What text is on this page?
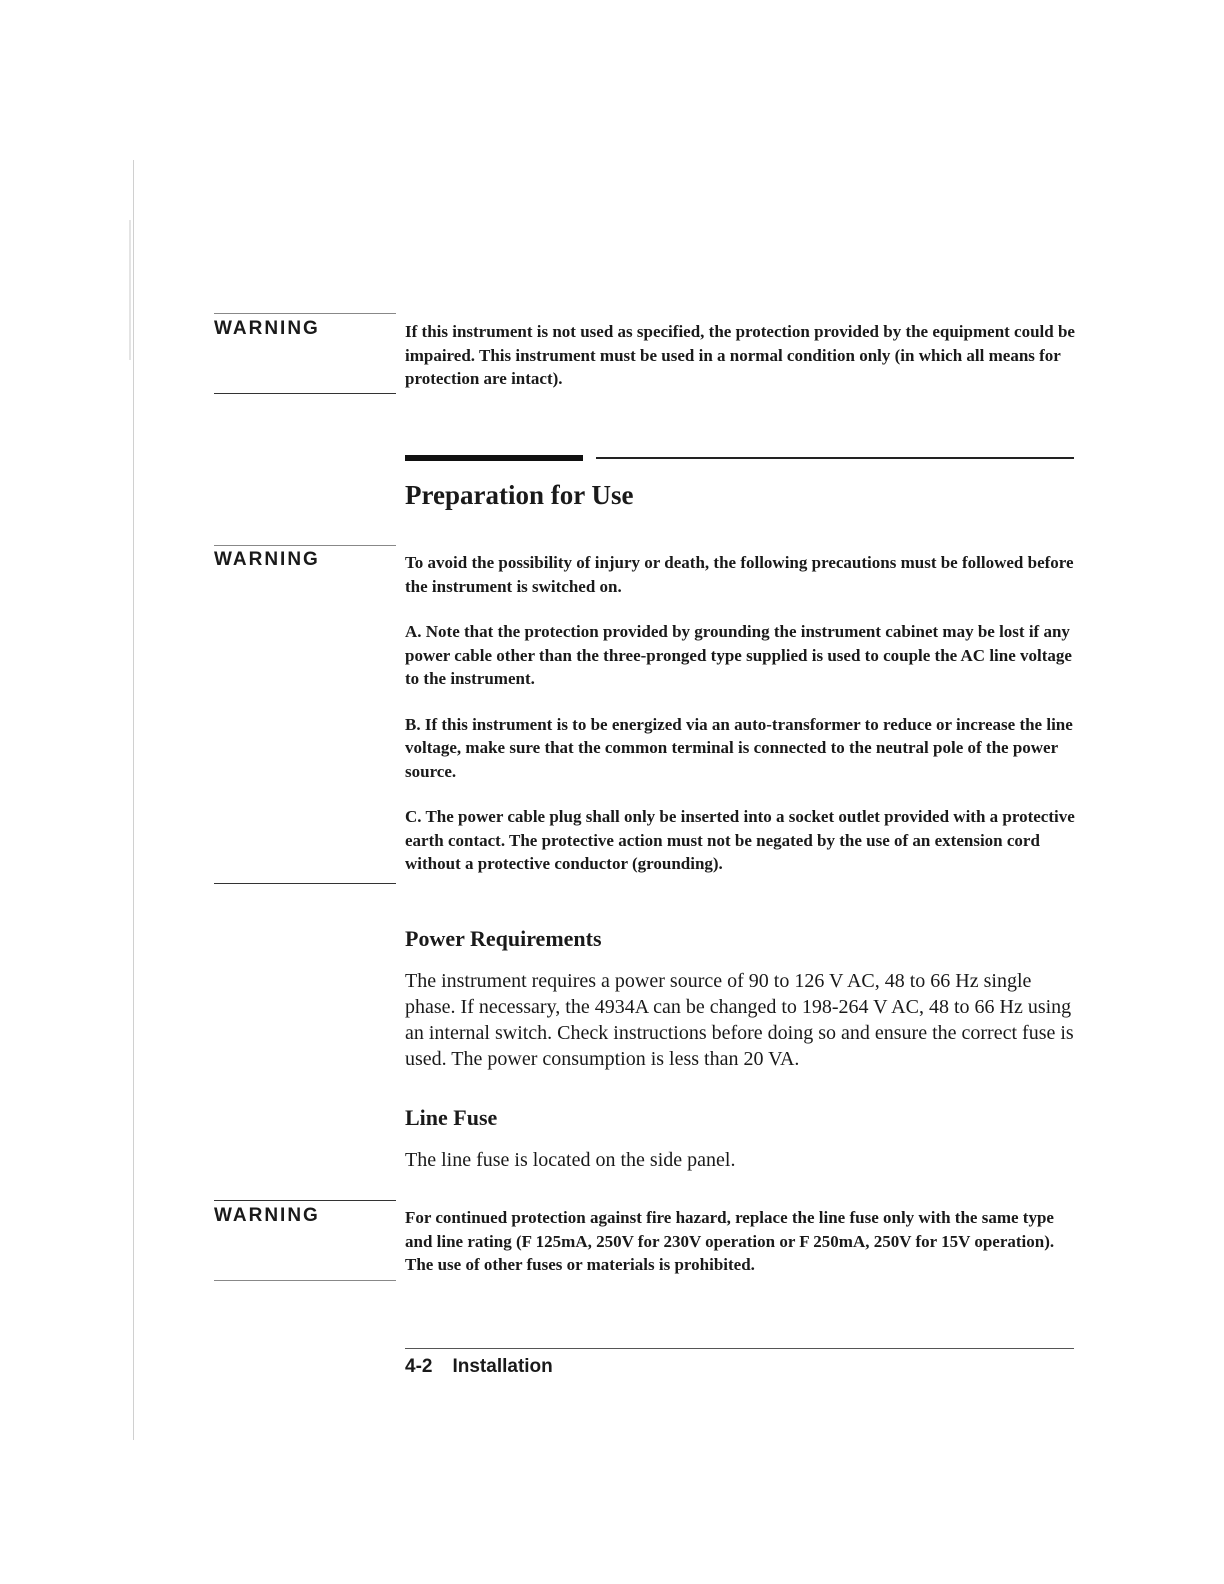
WARNING	If this instrument is not used as specified, the protection provided by the equipment could be impaired. This instrument must be used in a normal condition only (in which all means for protection are intact).

Preparation for Use
WARNING	To avoid the possibility of injury or death, the following precautions must be followed before the instrument is switched on.

A. Note that the protection provided by grounding the instrument cabinet may be lost if any power cable other than the three-pronged type supplied is used to couple the AC line voltage to the instrument.

B. If this instrument is to be energized via an auto-transformer to reduce or increase the line voltage, make sure that the common terminal is connected to the neutral pole of the power source.

C. The power cable plug shall only be inserted into a socket outlet provided with a protective earth contact. The protective action must not be negated by the use of an extension cord without a protective conductor (grounding).

Power Requirements
The instrument requires a power source of 90 to 126 V AC, 48 to 66 Hz single phase. If necessary, the 4934A can be changed to 198-264 V AC, 48 to 66 Hz using an internal switch. Check instructions before doing so and ensure the correct fuse is used. The power consumption is less than 20 VA.
Line Fuse
The line fuse is located on the side panel.
WARNING	For continued protection against fire hazard, replace the line fuse only with the same type and line rating (F 125mA, 250V for 230V operation or F 250mA, 250V for 15V operation). The use of other fuses or materials is prohibited.

4-2 Installation
